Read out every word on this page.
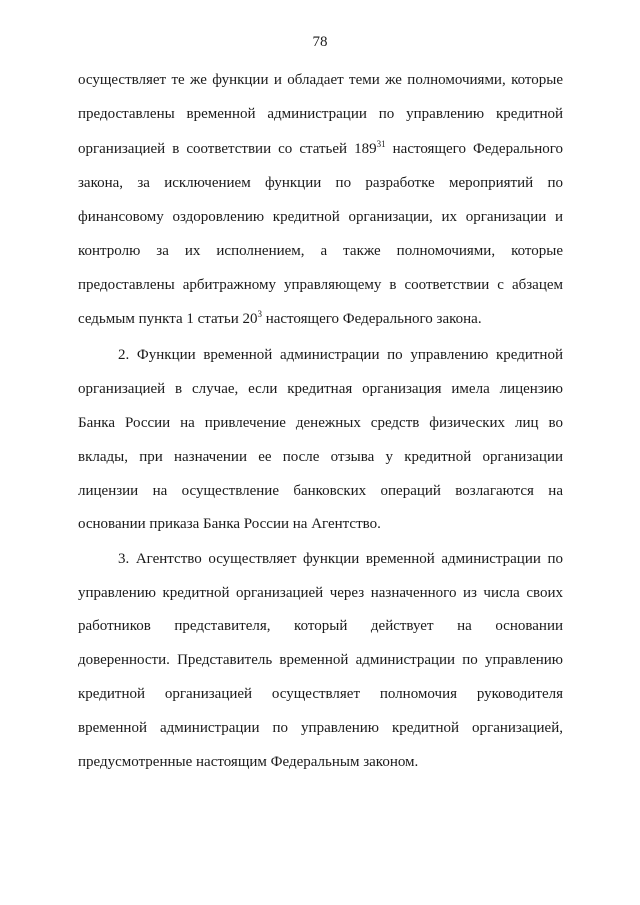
78
осуществляет те же функции и обладает теми же полномочиями, которые
предоставлены временной администрации по управлению кредитной
организацией в соответствии со статьей $189^{31}$ настоящего Федерального
закона, за исключением функции по разработке мероприятий по
финансовому оздоровлению кредитной организации, их организации и
контролю за их исполнением, а также полномочиями, которые
предоставлены арбитражному управляющему в соответствии с абзацем
седьмым пункта 1 статьи $20^3$ настоящего Федерального закона.
2. Функции временной администрации по управлению кредитной
организацией в случае, если кредитная организация имела лицензию
Банка России на привлечение денежных средств физических лиц во
вклады, при назначении ее после отзыва у кредитной организации
лицензии на осуществление банковских операций возлагаются на
основании приказа Банка России на Агентство.
3. Агентство осуществляет функции временной администрации по
управлению кредитной организацией через назначенного из числа своих
работников представителя, который действует на основании
доверенности. Представитель временной администрации по управлению
кредитной организацией осуществляет полномочия руководителя
временной администрации по управлению кредитной организацией,
предусмотренные настоящим Федеральным законом.
